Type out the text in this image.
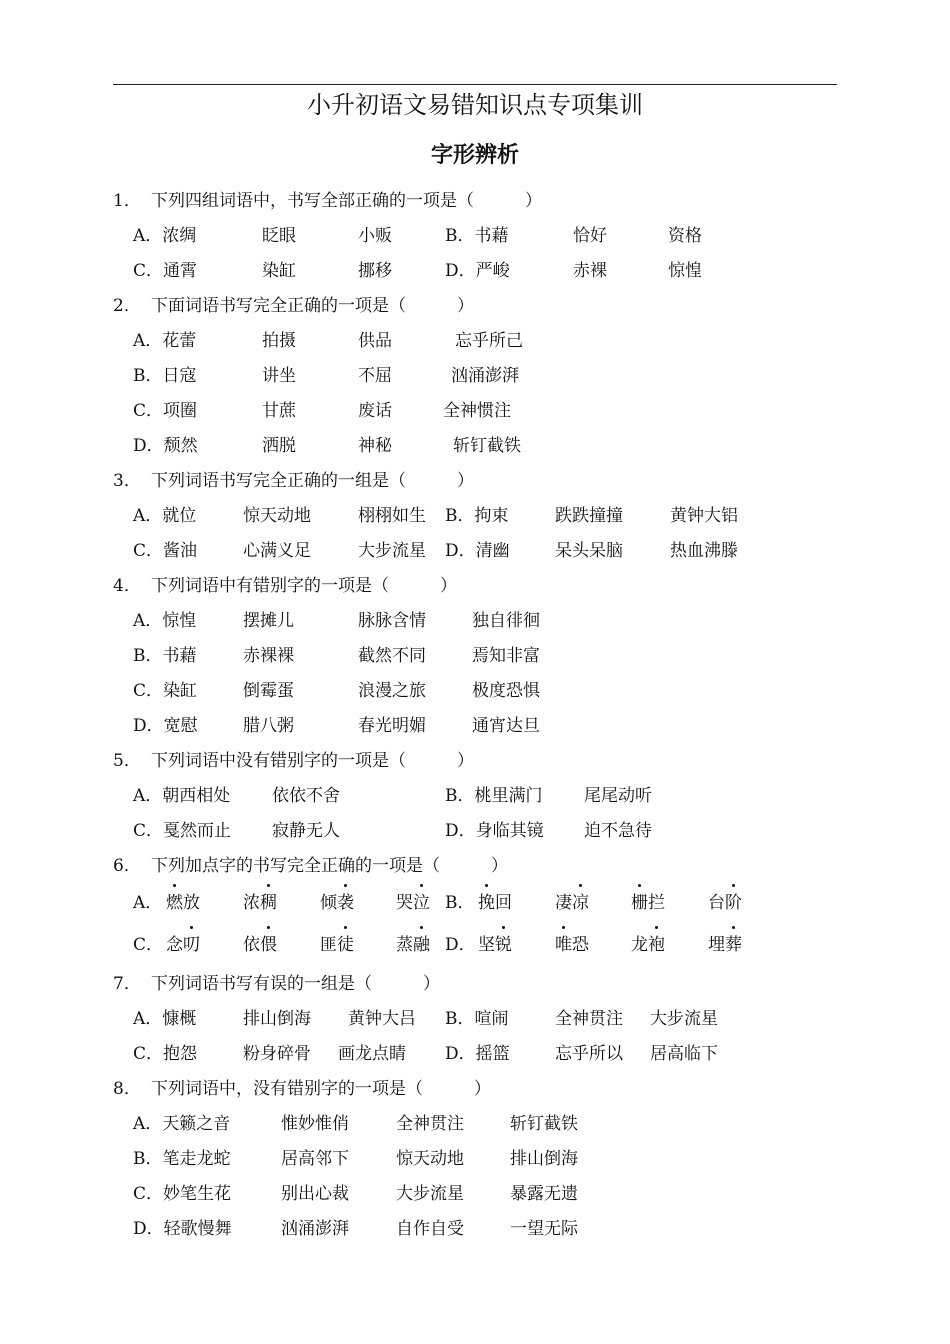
小升初语文易错知识点专项集训
字形辨析
1． 下列四组词语中，书写全部正确的一项是（　　　）
A．浓绸	眨眼	小贩	B．书藉	恰好	资格
C．通霄	染缸	挪移	D．严峻	赤裸	惊惶
2． 下面词语书写完全正确的一项是（　　　）
A．花蕾	拍摄	供品	忘乎所己
B．日寇	讲坐	不屈	汹涌澎湃
C．项圈	甘蔗	废话	全神惯注
D．颓然	洒脱	神秘	斩钉截铁
3． 下列词语书写完全正确的一组是（　　　）
A．就位	惊天动地	栩栩如生 B．拘束	跌跌撞撞	黄钟大铝
C．酱油	心满义足	大步流星 D．清幽	呆头呆脑	热血沸滕
4． 下列词语中有错别字的一项是（　　　）
A．惊惶	摆摊儿	脉脉含情	独自徘徊
B．书藉	赤裸裸	截然不同	焉知非富
C．染缸	倒霉蛋	浪漫之旅	极度恐惧
D．宽慰	腊八粥	春光明媚	通宵达旦
5． 下列词语中没有错别字的一项是（　　　）
A．朝西相处 依依不舍	B．桃里满门 尾尾动听
C．戛然而止 寂静无人	D．身临其镜 迫不急待
6． 下列加点字的书写完全正确的一项是（　　　）
A． 燃放	浓稠	倾袭 哭泣 B． 挽回	凄凉 栅拦	台阶
C． 念叨	依偎	匪徒 蒸融 D． 坚锐	唯恐 龙袍	埋葬
7． 下列词语书写有误的一组是（　　　）
A．慷概	排山倒海 黄钟大吕 B．喧闹	全神贯注 大步流星
C．抱怨	粉身碎骨 画龙点睛 D．摇篮	忘乎所以 居高临下
8． 下列词语中，没有错别字的一项是（　　　）
A．天籁之音	惟妙惟俏	全神贯注	斩钉截铁
B．笔走龙蛇	居高邻下	惊天动地	排山倒海
C．妙笔生花	别出心裁	大步流星	暴露无遗
D．轻歌慢舞	汹涌澎湃	自作自受	一望无际
